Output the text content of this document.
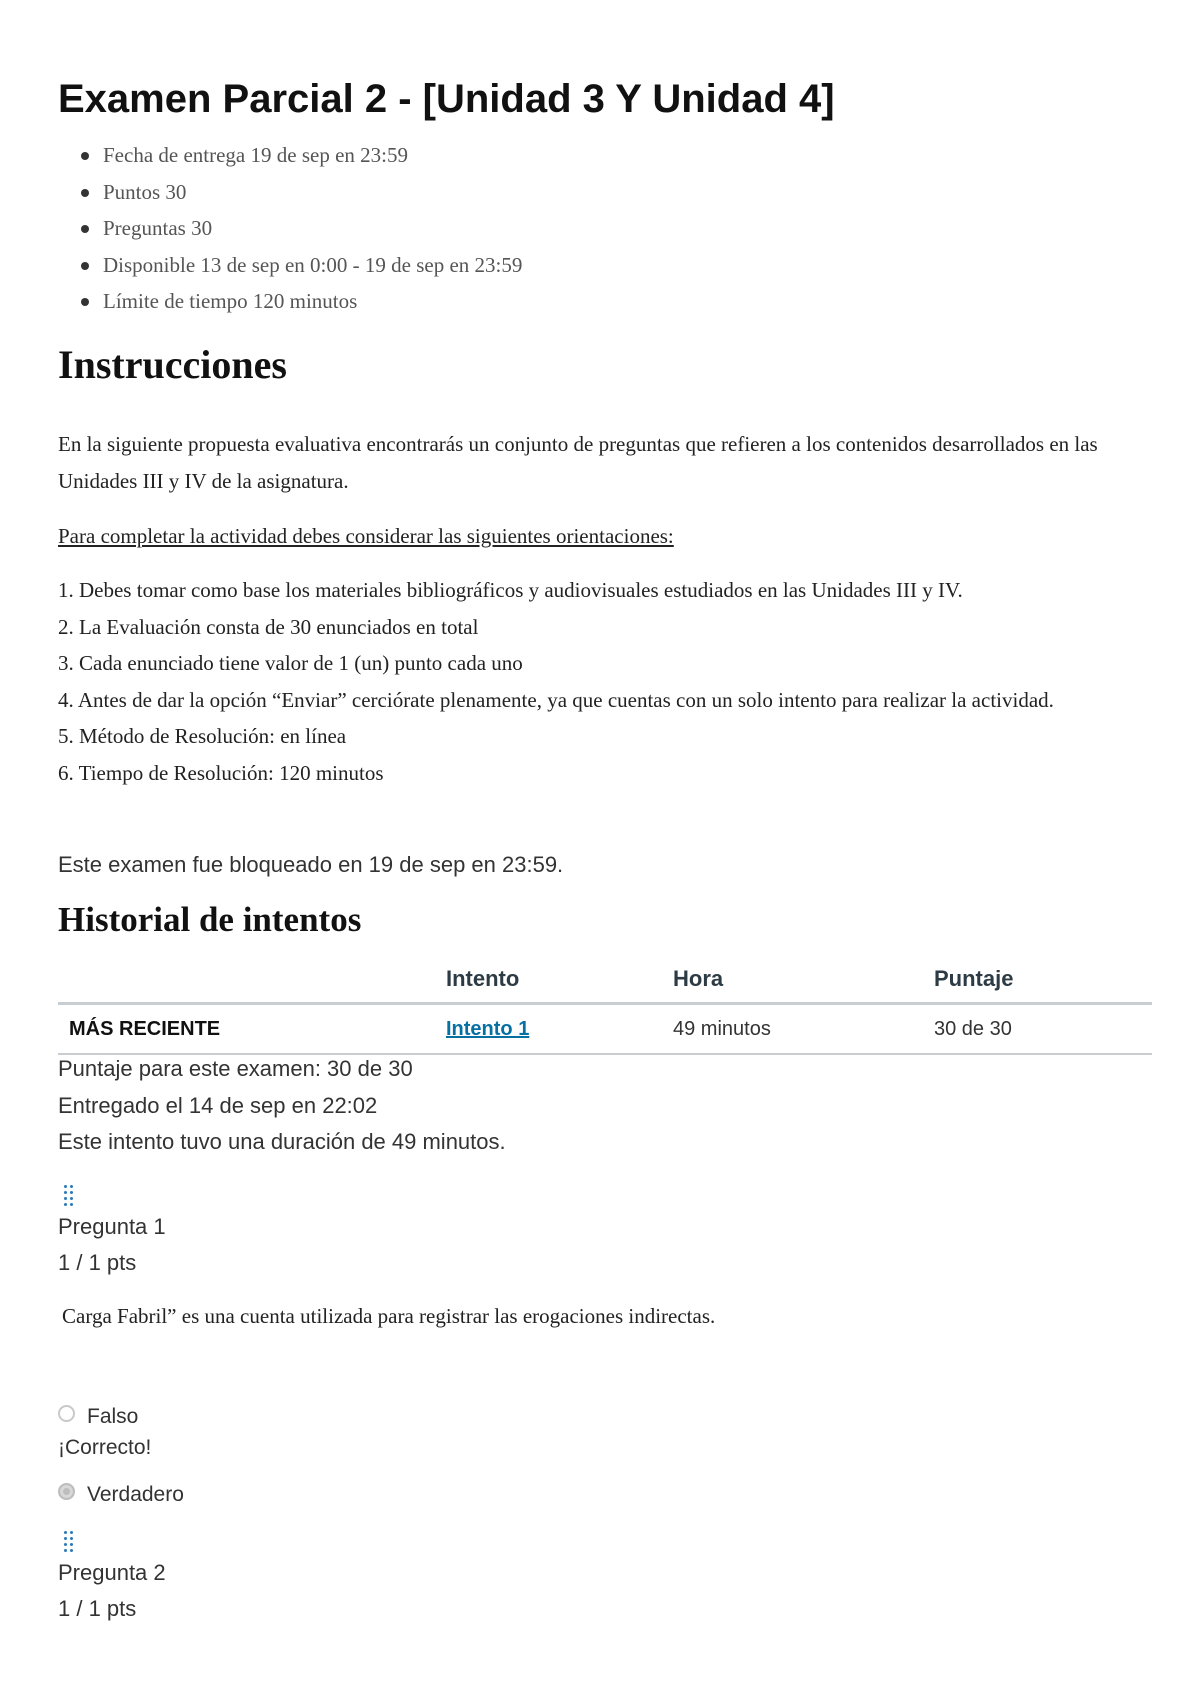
Examen Parcial 2 - [Unidad 3 Y Unidad 4]
Fecha de entrega 19 de sep en 23:59
Puntos 30
Preguntas 30
Disponible 13 de sep en 0:00 - 19 de sep en 23:59
Límite de tiempo 120 minutos
Instrucciones
En la siguiente propuesta evaluativa encontrarás un conjunto de preguntas que refieren a los contenidos desarrollados en las Unidades III y IV de la asignatura.
Para completar la actividad debes considerar las siguientes orientaciones:
1. Debes tomar como base los materiales bibliográficos y audiovisuales estudiados en las Unidades III y IV.
2. La Evaluación consta de 30 enunciados en total
3. Cada enunciado tiene valor de 1 (un) punto cada uno
4. Antes de dar la opción “Enviar” cerciórate plenamente, ya que cuentas con un solo intento para realizar la actividad.
5. Método de Resolución: en línea
6. Tiempo de Resolución: 120 minutos
Este examen fue bloqueado en 19 de sep en 23:59.
Historial de intentos
	Intento	Hora	Puntaje
MÁS RECIENTE	Intento 1	49 minutos	30 de 30
Puntaje para este examen: 30 de 30
Entregado el 14 de sep en 22:02
Este intento tuvo una duración de 49 minutos.
Pregunta 1
1 / 1 pts
Carga Fabril” es una cuenta utilizada para registrar las erogaciones indirectas.
Falso
¡Correcto!
Verdadero
Pregunta 2
1 / 1 pts
